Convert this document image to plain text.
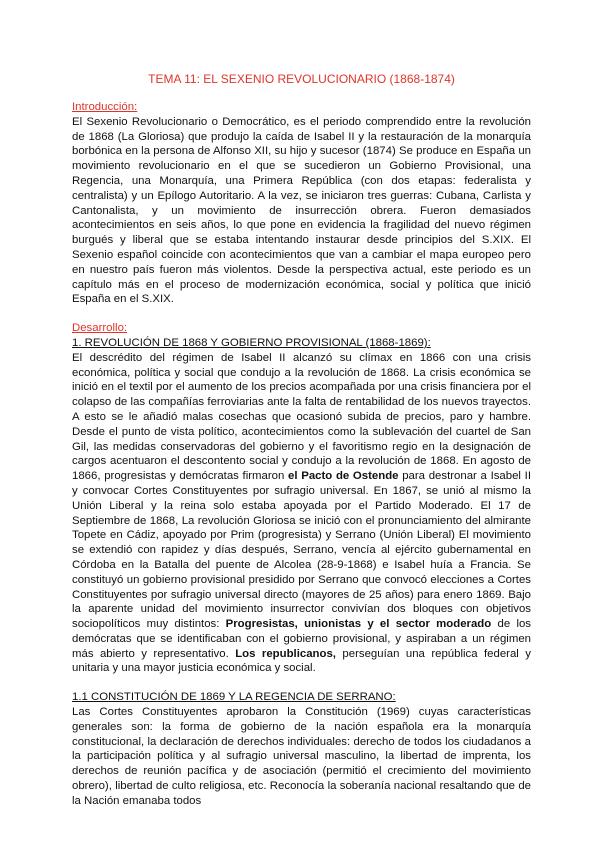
TEMA 11: EL SEXENIO REVOLUCIONARIO (1868-1874)
Introducción:

El Sexenio Revolucionario o Democrático, es el periodo comprendido entre la revolución de 1868 (La Gloriosa) que produjo la caída de Isabel II y la restauración de la monarquía borbónica en la persona de Alfonso XII, su hijo y sucesor (1874) Se produce en España un movimiento revolucionario en el que se sucedieron un Gobierno Provisional, una Regencia, una Monarquía, una Primera República (con dos etapas: federalista y centralista) y un Epílogo Autoritario. A la vez, se iniciaron tres guerras: Cubana, Carlista y Cantonalista, y un movimiento de insurrección obrera. Fueron demasiados acontecimientos en seis años, lo que pone en evidencia la fragilidad del nuevo régimen burgués y liberal que se estaba intentando instaurar desde principios del S.XIX. El Sexenio español coincide con acontecimientos que van a cambiar el mapa europeo pero en nuestro país fueron más violentos. Desde la perspectiva actual, este periodo es un capítulo más en el proceso de modernización económica, social y política que inició España en el S.XIX.

Desarrollo:
1. REVOLUCIÓN DE 1868 Y GOBIERNO PROVISIONAL (1868-1869):

El descrédito del régimen de Isabel II alcanzó su clímax en 1866 con una crisis económica, política y social que condujo a la revolución de 1868. La crisis económica se inició en el textil por el aumento de los precios acompañada por una crisis financiera por el colapso de las compañías ferroviarias ante la falta de rentabilidad de los nuevos trayectos. A esto se le añadió malas cosechas que ocasionó subida de precios, paro y hambre. Desde el punto de vista político, acontecimientos como la sublevación del cuartel de San Gil, las medidas conservadoras del gobierno y el favoritismo regio en la designación de cargos acentuaron el descontento social y condujo a la revolución de 1868. En agosto de 1866, progresistas y demócratas firmaron el Pacto de Ostende para destronar a Isabel II y convocar Cortes Constituyentes por sufragio universal. En 1867, se unió al mismo la Unión Liberal y la reina solo estaba apoyada por el Partido Moderado. El 17 de Septiembre de 1868, La revolución Gloriosa se inició con el pronunciamiento del almirante Topete en Cádiz, apoyado por Prim (progresista) y Serrano (Unión Liberal) El movimiento se extendió con rapidez y días después, Serrano, vencía al ejército gubernamental en Córdoba en la Batalla del puente de Alcolea (28-9-1868) e Isabel huía a Francia. Se constituyó un gobierno provisional presidido por Serrano que convocó elecciones a Cortes Constituyentes por sufragio universal directo (mayores de 25 años) para enero 1869. Bajo la aparente unidad del movimiento insurrector convivían dos bloques con objetivos sociopolíticos muy distintos: Progresistas, unionistas y el sector moderado de los demócratas que se identificaban con el gobierno provisional, y aspiraban a un régimen más abierto y representativo. Los republicanos, perseguían una república federal y unitaria y una mayor justicia económica y social.

1.1 CONSTITUCIÓN DE 1869 Y LA REGENCIA DE SERRANO:

Las Cortes Constituyentes aprobaron la Constitución (1969) cuyas características generales son: la forma de gobierno de la nación española era la monarquía constitucional, la declaración de derechos individuales: derecho de todos los ciudadanos a la participación política y al sufragio universal masculino, la libertad de imprenta, los derechos de reunión pacífica y de asociación (permitió el crecimiento del movimiento obrero), libertad de culto religiosa, etc. Reconocía la soberanía nacional resaltando que de la Nación emanaba todos
